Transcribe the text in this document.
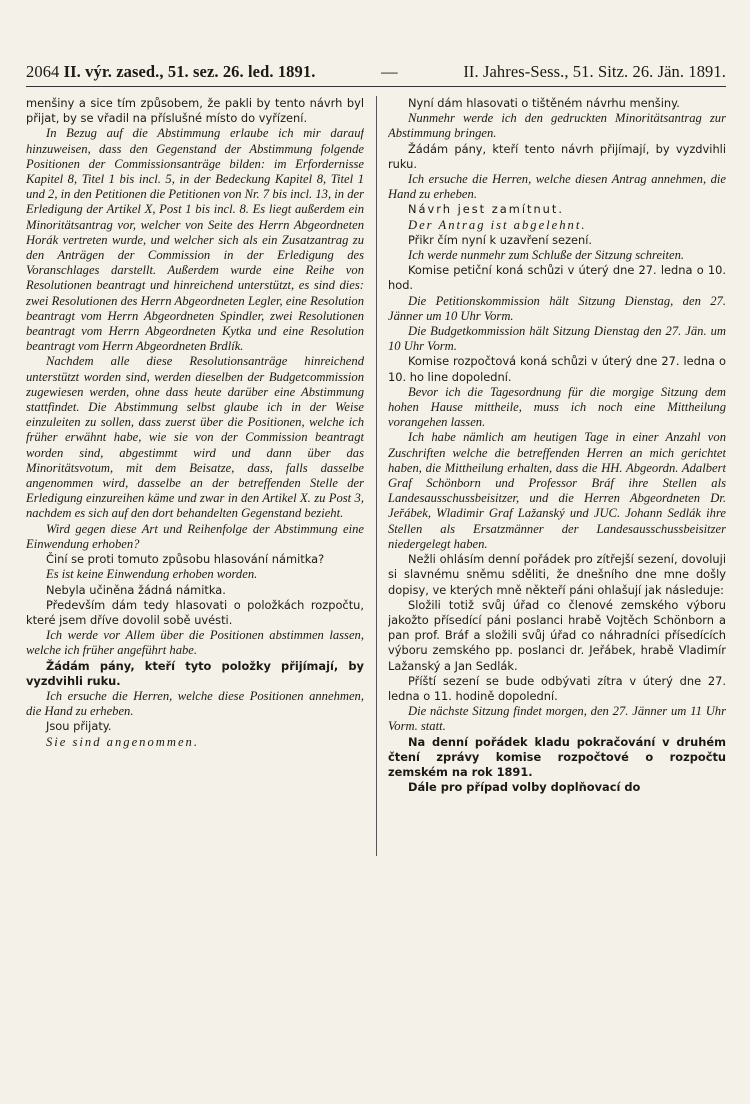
2064 II. výr. zased., 51. sez. 26. led. 1891.	—	II. Jahres-Sess., 51. Sitz. 26. Jän. 1891.

menšiny a sice tím způsobem, že pakli by tento návrh byl přijat, by se vřadil na příslušné místo do vyřízení.

In Bezug auf die Abstimmung erlaube ich mir darauf hinzuweisen, dass den Gegenstand der Abstimmung folgende Positionen der Commissionsanträge bilden: im Erfordernisse Kapitel 8, Titel 1 bis incl. 5, in der Bedeckung Kapitel 8, Titel 1 und 2, in den Petitionen die Petitionen von Nr. 7 bis incl. 13, in der Erledigung der Artikel X, Post 1 bis incl. 8. Es liegt außerdem ein Minoritätsantrag vor, welcher von Seite des Herrn Abgeordneten Horák vertreten wurde, und welcher sich als ein Zusatzantrag zu den Anträgen der Commission in der Erledigung des Voranschlages darstellt. Außerdem wurde eine Reihe von Resolutionen beantragt und hinreichend unterstützt, es sind dies: zwei Resolutionen des Herrn Abgeordneten Legler, eine Resolution beantragt vom Herrn Abgeordneten Spindler, zwei Resolutionen beantragt vom Herrn Abgeordneten Kytka und eine Resolution beantragt vom Herrn Abgeordneten Brdlík.

Nachdem alle diese Resolutionsanträge hinreichend unterstützt worden sind, werden dieselben der Budgetcommission zugewiesen werden, ohne dass heute darüber eine Abstimmung stattfindet. Die Abstimmung selbst glaube ich in der Weise einzuleiten zu sollen, dass zuerst über die Positionen, welche ich früher erwähnt habe, wie sie von der Commission beantragt worden sind, abgestimmt wird und dann über das Minoritätsvotum, mit dem Beisatze, dass, falls dasselbe angenommen wird, dasselbe an der betreffenden Stelle der Erledigung einzureihen käme und zwar in den Artikel X. zu Post 3, nachdem es sich auf den dort behandelten Gegenstand bezieht.

Wird gegen diese Art und Reihenfolge der Abstimmung eine Einwendung erhoben?

Činí se proti tomuto způsobu hlasování námitka?

Es ist keine Einwendung erhoben worden.

Nebyla učiněna žádná námitka.

Především dám tedy hlasovati o položkách rozpočtu, které jsem dříve dovolil sobě uvésti.

Ich werde vor Allem über die Positionen abstimmen lassen, welche ich früher angeführt habe.

Žádám pány, kteří tyto položky přijímají, by vyzdvihli ruku.

Ich ersuche die Herren, welche diese Positionen annehmen, die Hand zu erheben.

Jsou přijaty.

Sie sind angenommen.

Nyní dám hlasovati o tištěném návrhu menšiny.

Nunmehr werde ich den gedruckten Minoritätsantrag zur Abstimmung bringen.

Žádám pány, kteří tento návrh přijímají, by vyzdvihli ruku.

Ich ersuche die Herren, welche diesen Antrag annehmen, die Hand zu erheben.

Návrh jest zamítnut.

Der Antrag ist abgelehnt.

Přikr čím nyní k uzavření sezení.

Ich werde nunmehr zum Schluße der Sitzung schreiten.

Komise petiční koná schůzi v úterý dne 27. ledna o 10. hod.

Die Petitionskommission hält Sitzung Dienstag, den 27. Jänner um 10 Uhr Vorm.

Die Budgetkommission hält Sitzung Dienstag den 27. Jän. um 10 Uhr Vorm.

Komise rozpočtová koná schůzi v úterý dne 27. ledna o 10. ho line dopolední.

Bevor ich die Tagesordnung für die morgige Sitzung dem hohen Hause mittheile, muss ich noch eine Mittheilung vorangehen lassen.

Ich habe nämlich am heutigen Tage in einer Anzahl von Zuschriften welche die betreffenden Herren an mich gerichtet haben, die Mittheilung erhalten, dass die HH. Abgeordn. Adalbert Graf Schönborn und Professor Bráf ihre Stellen als Landesausschussbeisitzer, und die Herren Abgeordneten Dr. Jeřábek, Wladimir Graf Lažanský und JUC. Johann Sedlák ihre Stellen als Ersatzmänner der Landesausschussbeisitzer niedergelegt haben.

Nežli ohlásím denní pořádek pro zítřejší sezení, dovoluji si slavnému sněmu sděliti, že dnešního dne mne došly dopisy, ve kterých mně někteří páni ohlašují jak následuje:

Složili totiž svůj úřad co členové zemského výboru jakožto přísedící páni poslanci hrabě Vojtěch Schönborn a pan prof. Bráf a složili svůj úřad co náhradníci přísedících výboru zemského pp. poslanci dr. Jeřábek, hrabě Vladimír Lažanský a Jan Sedlák.

Příští sezení se bude odbývati zítra v úterý dne 27. ledna o 11. hodině dopolední.

Die nächste Sitzung findet morgen, den 27. Jänner um 11 Uhr Vorm. statt.

Na denní pořádek kladu pokračování v druhém čtení zprávy komise rozpočtové o rozpočtu zemském na rok 1891.

Dále pro případ volby doplňovací do
